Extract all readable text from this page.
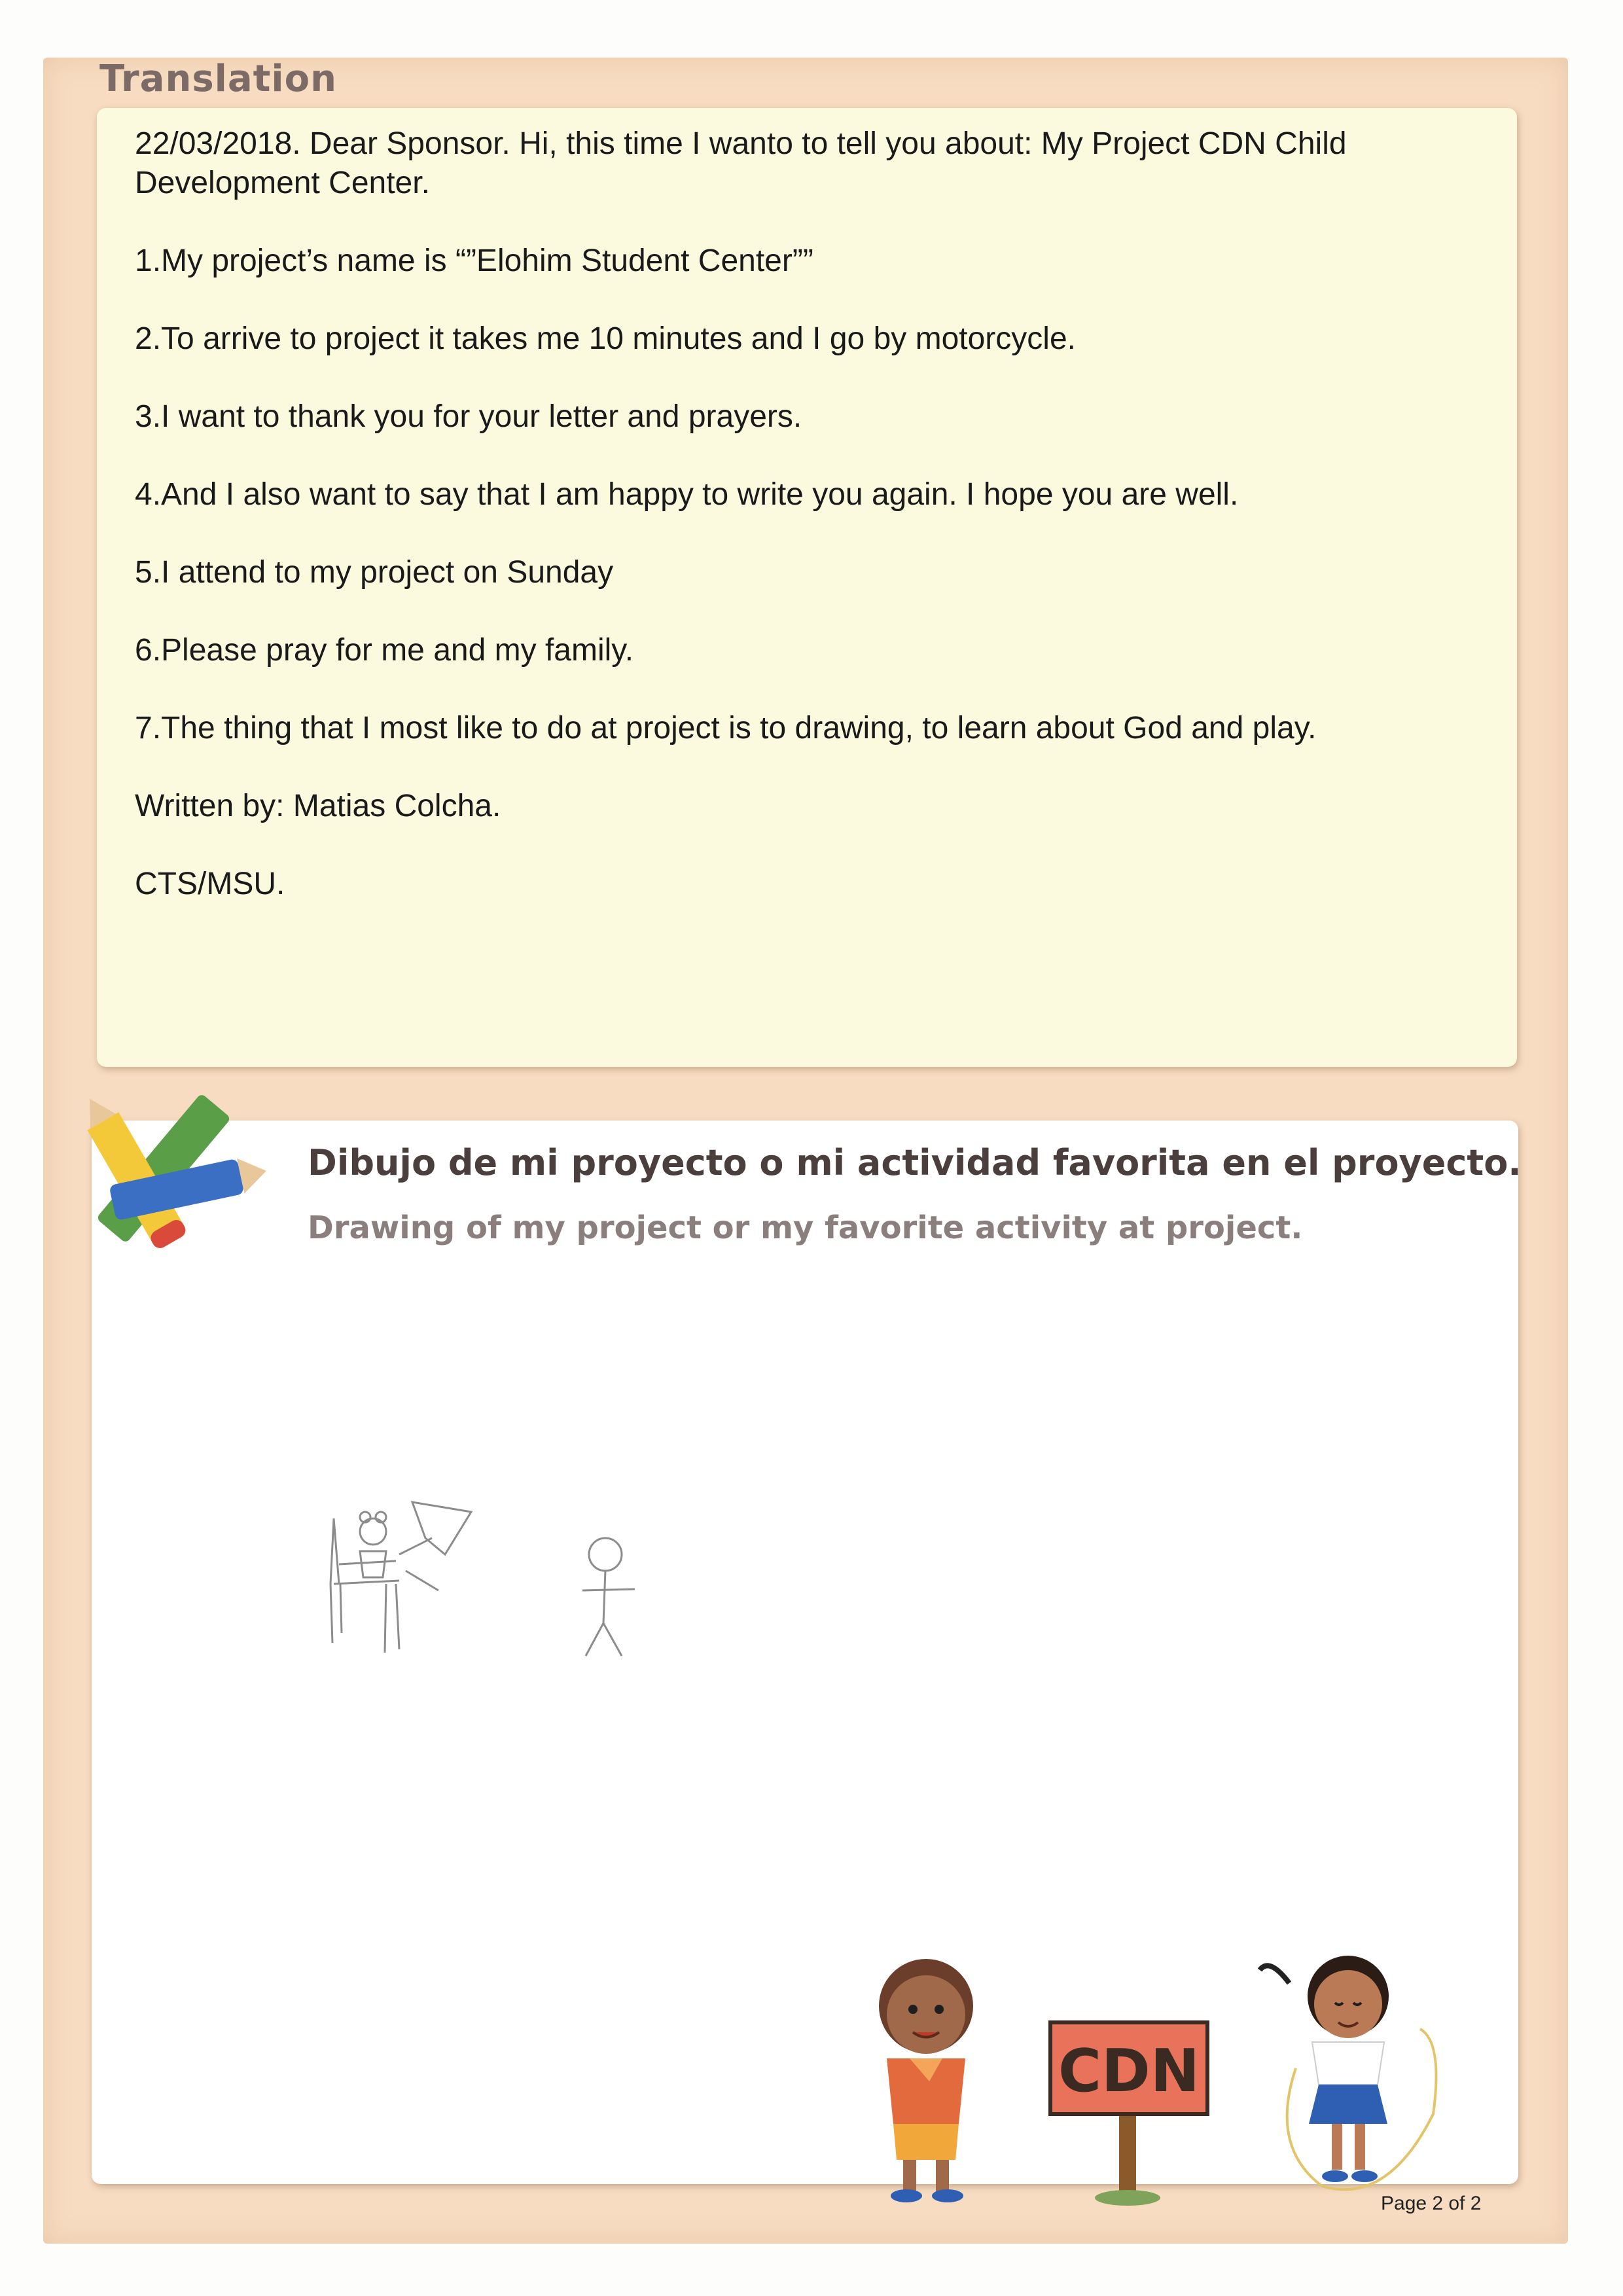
Translation

22/03/2018. Dear Sponsor. Hi, this time I wanto to tell you about: My Project CDN Child Development Center.

1.My project’s name is “”Elohim Student Center””

2.To arrive to project it takes me 10 minutes and I go by motorcycle.

3.I want to thank you for your letter and prayers.

4.And I also want to say that I am happy to write you again. I hope you are well.

5.I attend to my project on Sunday

6.Please pray for me and my family.

7.The thing that I most like to do at project is to drawing, to learn about God and play.

Written by: Matias Colcha.

CTS/MSU.

Dibujo de mi proyecto o mi actividad favorita en el proyecto.
Drawing of my project or my favorite activity at project.
CDN
Page 2 of 2
